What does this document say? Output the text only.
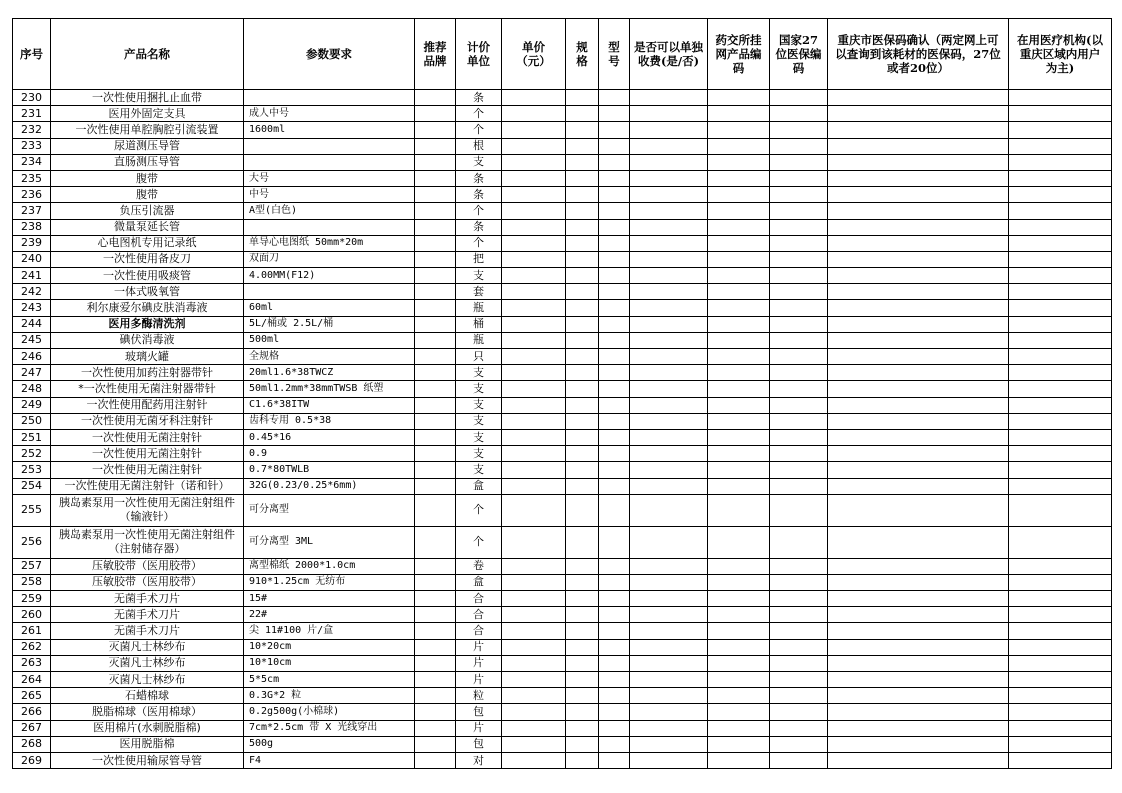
序号	产品名称	参数要求	推荐品牌	计价单位	单价（元）	规格	型号	是否可以单独收费(是/否)	药交所挂网产品编码	国家27位医保编码	重庆市医保码确认（两定网上可以查询到该耗材的医保码，27位或者20位）	在用医疗机构(以重庆区域内用户为主)
230	一次性使用捆扎止血带			条								
231	医用外固定支具	成人中号		个								
232	一次性使用单腔胸腔引流装置	1600ml		个								
233	尿道测压导管			根								
234	直肠测压导管			支								
235	腹带	大号		条								
236	腹带	中号		条								
237	负压引流器	A型(白色)		个								
238	微量泵延长管			条								
239	心电图机专用记录纸	单导心电图纸 50mm*20m		个								
240	一次性使用备皮刀	双面刀		把								
241	一次性使用吸痰管	4.00MM(F12)		支								
242	一体式吸氧管			套								
243	利尔康爱尔碘皮肤消毒液	60ml		瓶								
244	医用多酶清洗剂	5L/桶或 2.5L/桶		桶								
245	碘伏消毒液	500ml		瓶								
246	玻璃火罐	全规格		只								
247	一次性使用加药注射器带针	20ml1.6*38TWCZ		支								
248	*一次性使用无菌注射器带针	50ml1.2mm*38mmTWSB 纸塑		支								
249	一次性使用配药用注射针	C1.6*38ITW		支								
250	一次性使用无菌牙科注射针	齿科专用 0.5*38		支								
251	一次性使用无菌注射针	0.45*16		支								
252	一次性使用无菌注射针	0.9		支								
253	一次性使用无菌注射针	0.7*80TWLB		支								
254	一次性使用无菌注射针（诺和针）	32G(0.23/0.25*6mm)		盒								
255	胰岛素泵用一次性使用无菌注射组件（输液针）	可分离型		个								
256	胰岛素泵用一次性使用无菌注射组件（注射储存器）	可分离型 3ML		个								
257	压敏胶带（医用胶带）	离型棉纸 2000*1.0cm		卷								
258	压敏胶带（医用胶带）	910*1.25cm 无纺布		盒								
259	无菌手术刀片	15#		合								
260	无菌手术刀片	22#		合								
261	无菌手术刀片	尖 11#100 片/盒		合								
262	灭菌凡士林纱布	10*20cm		片								
263	灭菌凡士林纱布	10*10cm		片								
264	灭菌凡士林纱布	5*5cm		片								
265	石蜡棉球	0.3G*2 粒		粒								
266	脱脂棉球（医用棉球）	0.2g500g(小棉球)		包								
267	医用棉片(水刺脱脂棉)	7cm*2.5cm 带 X 光线穿出		片								
268	医用脱脂棉	500g		包								
269	一次性使用输尿管导管	F4		对								
